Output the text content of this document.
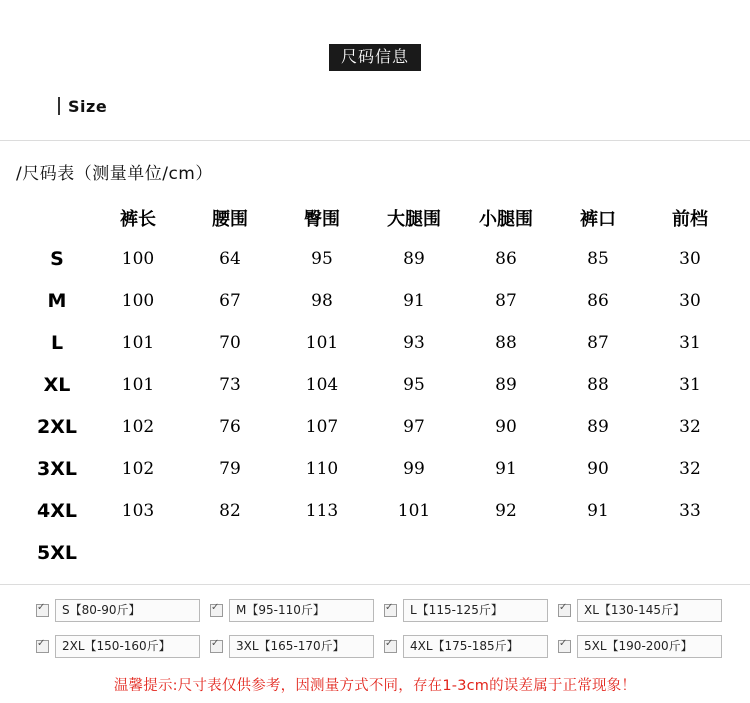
尺码信息
Size
/尺码表（测量单位/cm）
	裤长	腰围	臀围	大腿围	小腿围	裤口	前档
S	100	64	95	89	86	85	30
M	100	67	98	91	87	86	30
L	101	70	101	93	88	87	31
XL	101	73	104	95	89	88	31
2XL	102	76	107	97	90	89	32
3XL	102	79	110	99	91	90	32
4XL	103	82	113	101	92	91	33
5XL							
✓
S【80-90斤】 ✓	M【95-110斤】 ✓	L【115-125斤】 ✓	XL【130-145斤】
✓
2XL【150-160斤】 ✓	3XL【165-170斤】 ✓	4XL【175-185斤】 ✓	5XL【190-200斤】
温馨提示:尺寸表仅供参考，因测量方式不同，存在1-3cm的误差属于正常现象！
